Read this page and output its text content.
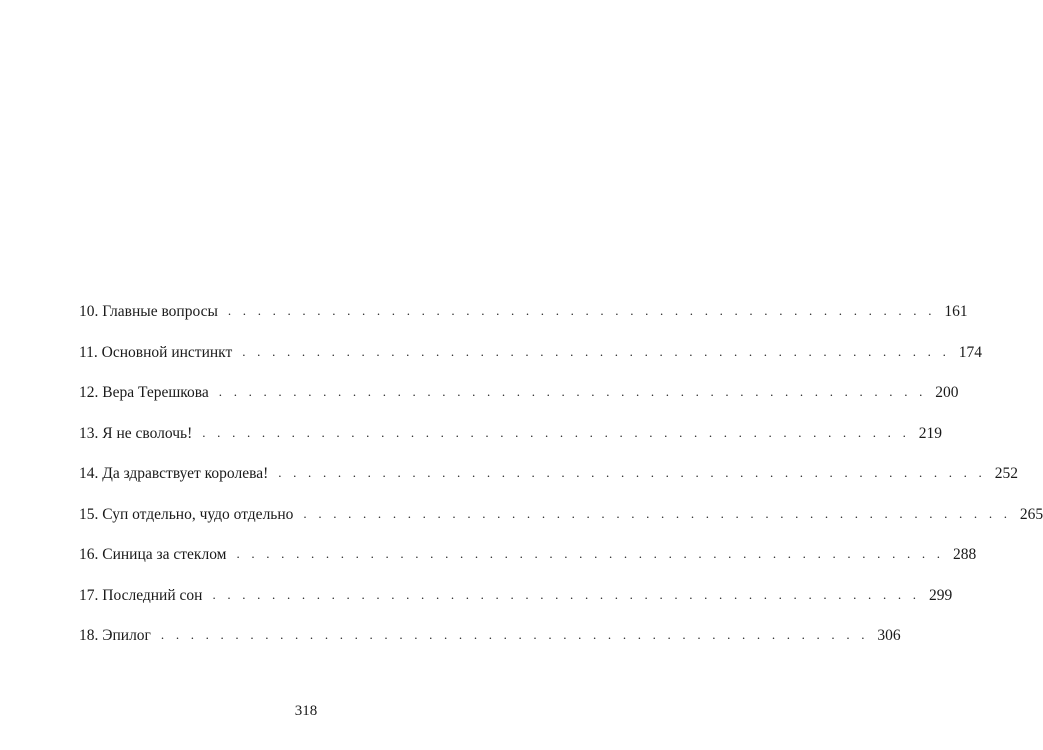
10. Главные вопросы . . . . . . . . . . . . . . . . . . . . . . . . . . . . . . . . . . . . . . . . . . . . . . . . 161
11. Основной инстинкт . . . . . . . . . . . . . . . . . . . . . . . . . . . . . . . . . . . . . . . . . . . . . . . . 174
12. Вера Терешкова . . . . . . . . . . . . . . . . . . . . . . . . . . . . . . . . . . . . . . . . . . . . . . . . 200
13. Я не сволочь! . . . . . . . . . . . . . . . . . . . . . . . . . . . . . . . . . . . . . . . . . . . . . . . . 219
14. Да здравствует королева! . . . . . . . . . . . . . . . . . . . . . . . . . . . . . . . . . . . . . . . . . . . . . . . . 252
15. Суп отдельно, чудо отдельно . . . . . . . . . . . . . . . . . . . . . . . . . . . . . . . . . . . . . . . . . . . . . . . . 265
16. Синица за стеклом . . . . . . . . . . . . . . . . . . . . . . . . . . . . . . . . . . . . . . . . . . . . . . . . 288
17. Последний сон . . . . . . . . . . . . . . . . . . . . . . . . . . . . . . . . . . . . . . . . . . . . . . . . 299
18. Эпилог . . . . . . . . . . . . . . . . . . . . . . . . . . . . . . . . . . . . . . . . . . . . . . . . 306
318
